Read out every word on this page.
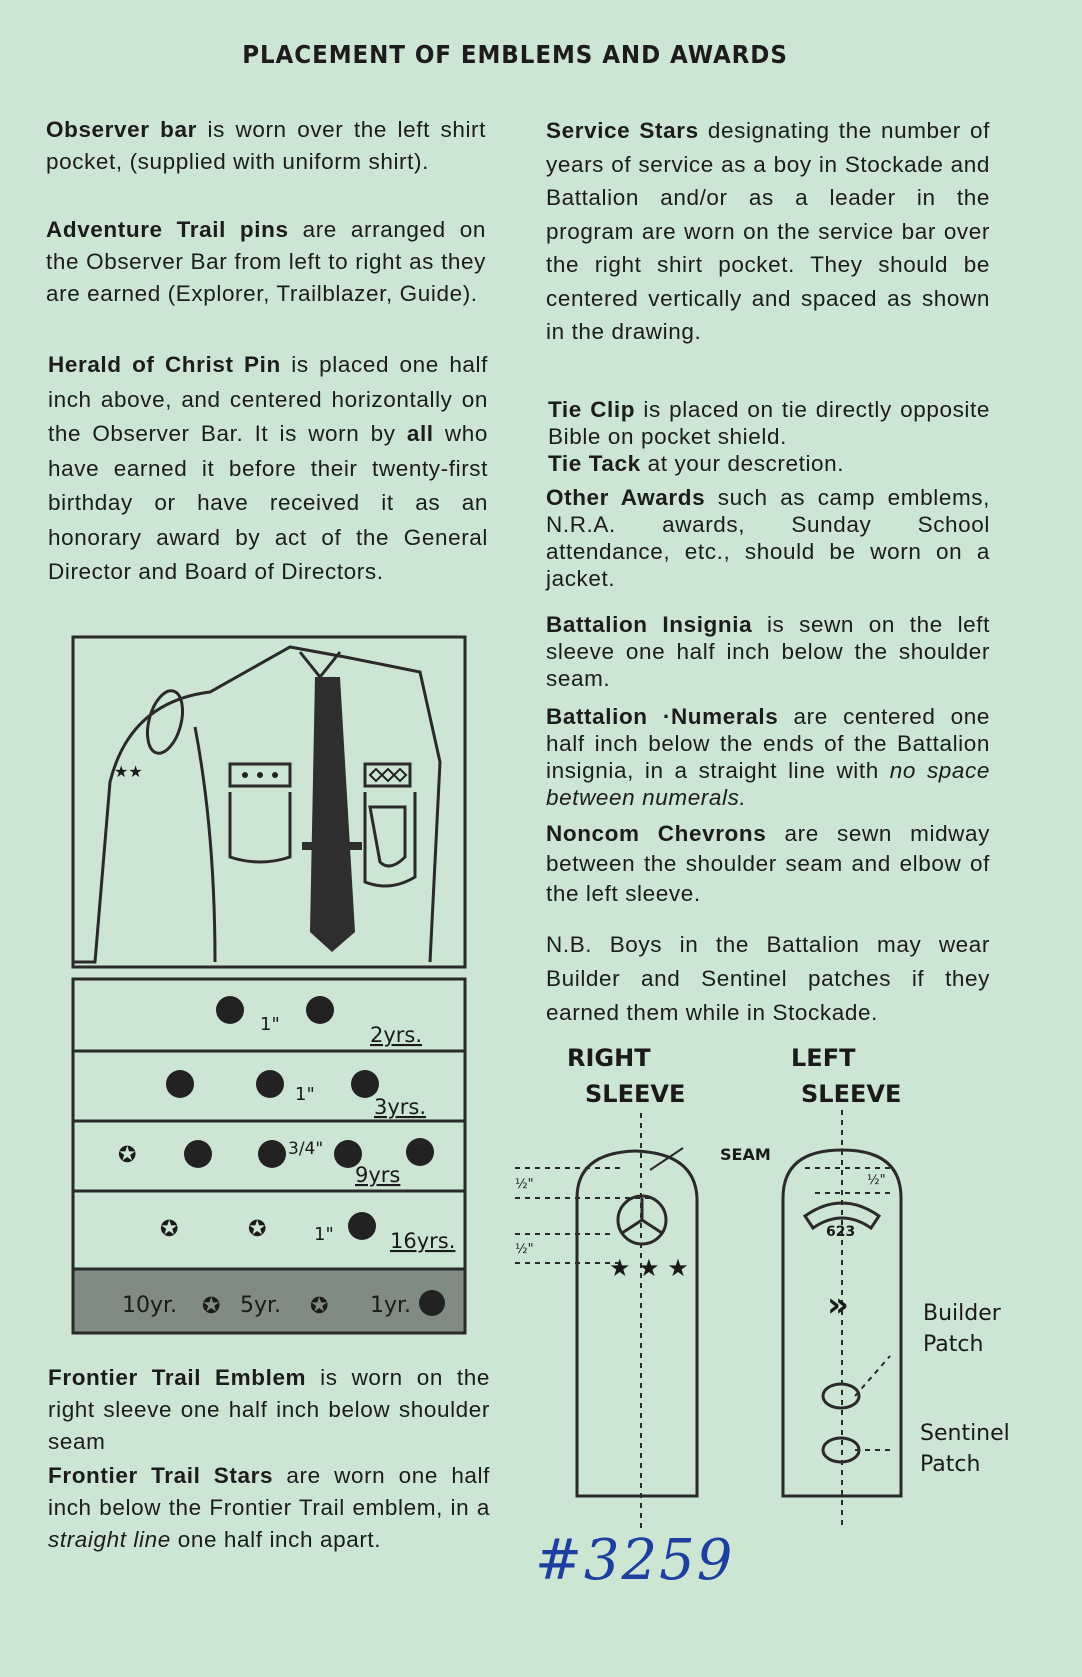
PLACEMENT OF EMBLEMS AND AWARDS

Observer bar is worn over the left shirt pocket, (supplied with uniform shirt).

Adventure Trail pins are arranged on the Observer Bar from left to right as they are earned (Explorer, Trailblazer, Guide).

Herald of Christ Pin is placed one half inch above, and centered horizontally on the Observer Bar. It is worn by all who have earned it before their twenty-first birthday or have received it as an honorary award by act of the General Director and Board of Directors.

Frontier Trail Emblem is worn on the right sleeve one half inch below shoulder seam

Frontier Trail Stars are worn one half inch below the Frontier Trail emblem, in a straight line one half inch apart.

Service Stars designating the number of years of service as a boy in Stockade and Battalion and/or as a leader in the program are worn on the service bar over the right shirt pocket. They should be centered vertically and spaced as shown in the drawing.

Tie Clip is placed on tie directly opposite Bible on pocket shield.
Tie Tack at your descretion.

Other Awards such as camp emblems, N.R.A. awards, Sunday School attendance, etc., should be worn on a jacket.

Battalion Insignia is sewn on the left sleeve one half inch below the shoulder seam.

Battalion ·Numerals are centered one half inch below the ends of the Battalion insignia, in a straight line with no space between numerals.

Noncom Chevrons are sewn midway between the shoulder seam and elbow of the left sleeve.

N.B. Boys in the Battalion may wear Builder and Sentinel patches if they earned them while in Stockade.

★★
✪
✪	✪
✪	✪
1"	2yrs.
1"
3yrs.
3/4"
9yrs
1"	16yrs.
10yr.	5yr.	1yr.
RIGHT
SLEEVE
LEFT
SLEEVE
SEAM
½"
½"
½"
623
★ ★ ★
»	Builder
Patch
Sentinel
Patch
#3259
